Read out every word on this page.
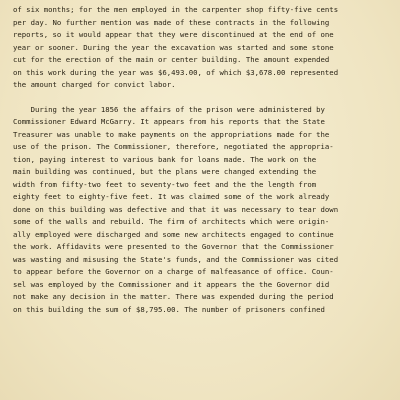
of six months; for the men employed in the carpenter shop fifty-five cents
per day. No further mention was made of these contracts in the following
reports, so it would appear that they were discontinued at the end of one
year or sooner. During the year the excavation was started and some stone
cut for the erection of the main or center building. The amount expended
on this work during the year was $6,493.00, of which $3,678.00 represented
the amount charged for convict labor.
During the year 1856 the affairs of the prison were administered by
Commissioner Edward McGarry. It appears from his reports that the State
Treasurer was unable to make payments on the appropriations made for the
use of the prison. The Commissioner, therefore, negotiated the appropria-
tion, paying interest to various bank for loans made. The work on the
main building was continued, but the plans were changed extending the
width from fifty-two feet to seventy-two feet and the the length from
eighty feet to eighty-five feet. It was claimed some of the work already
done on this building was defective and that it was necessary to tear down
some of the walls and rebuild. The firm of architects which were origin-
ally employed were discharged and some new architects engaged to continue
the work. Affidavits were presented to the Governor that the Commissioner
was wasting and misusing the State's funds, and the Commissioner was cited
to appear before the Governor on a charge of malfeasance of office. Coun-
sel was employed by the Commissioner and it appears the the Governor did
not make any decision in the matter. There was expended during the period
on this building the sum of $8,795.00. The number of prisoners confined
